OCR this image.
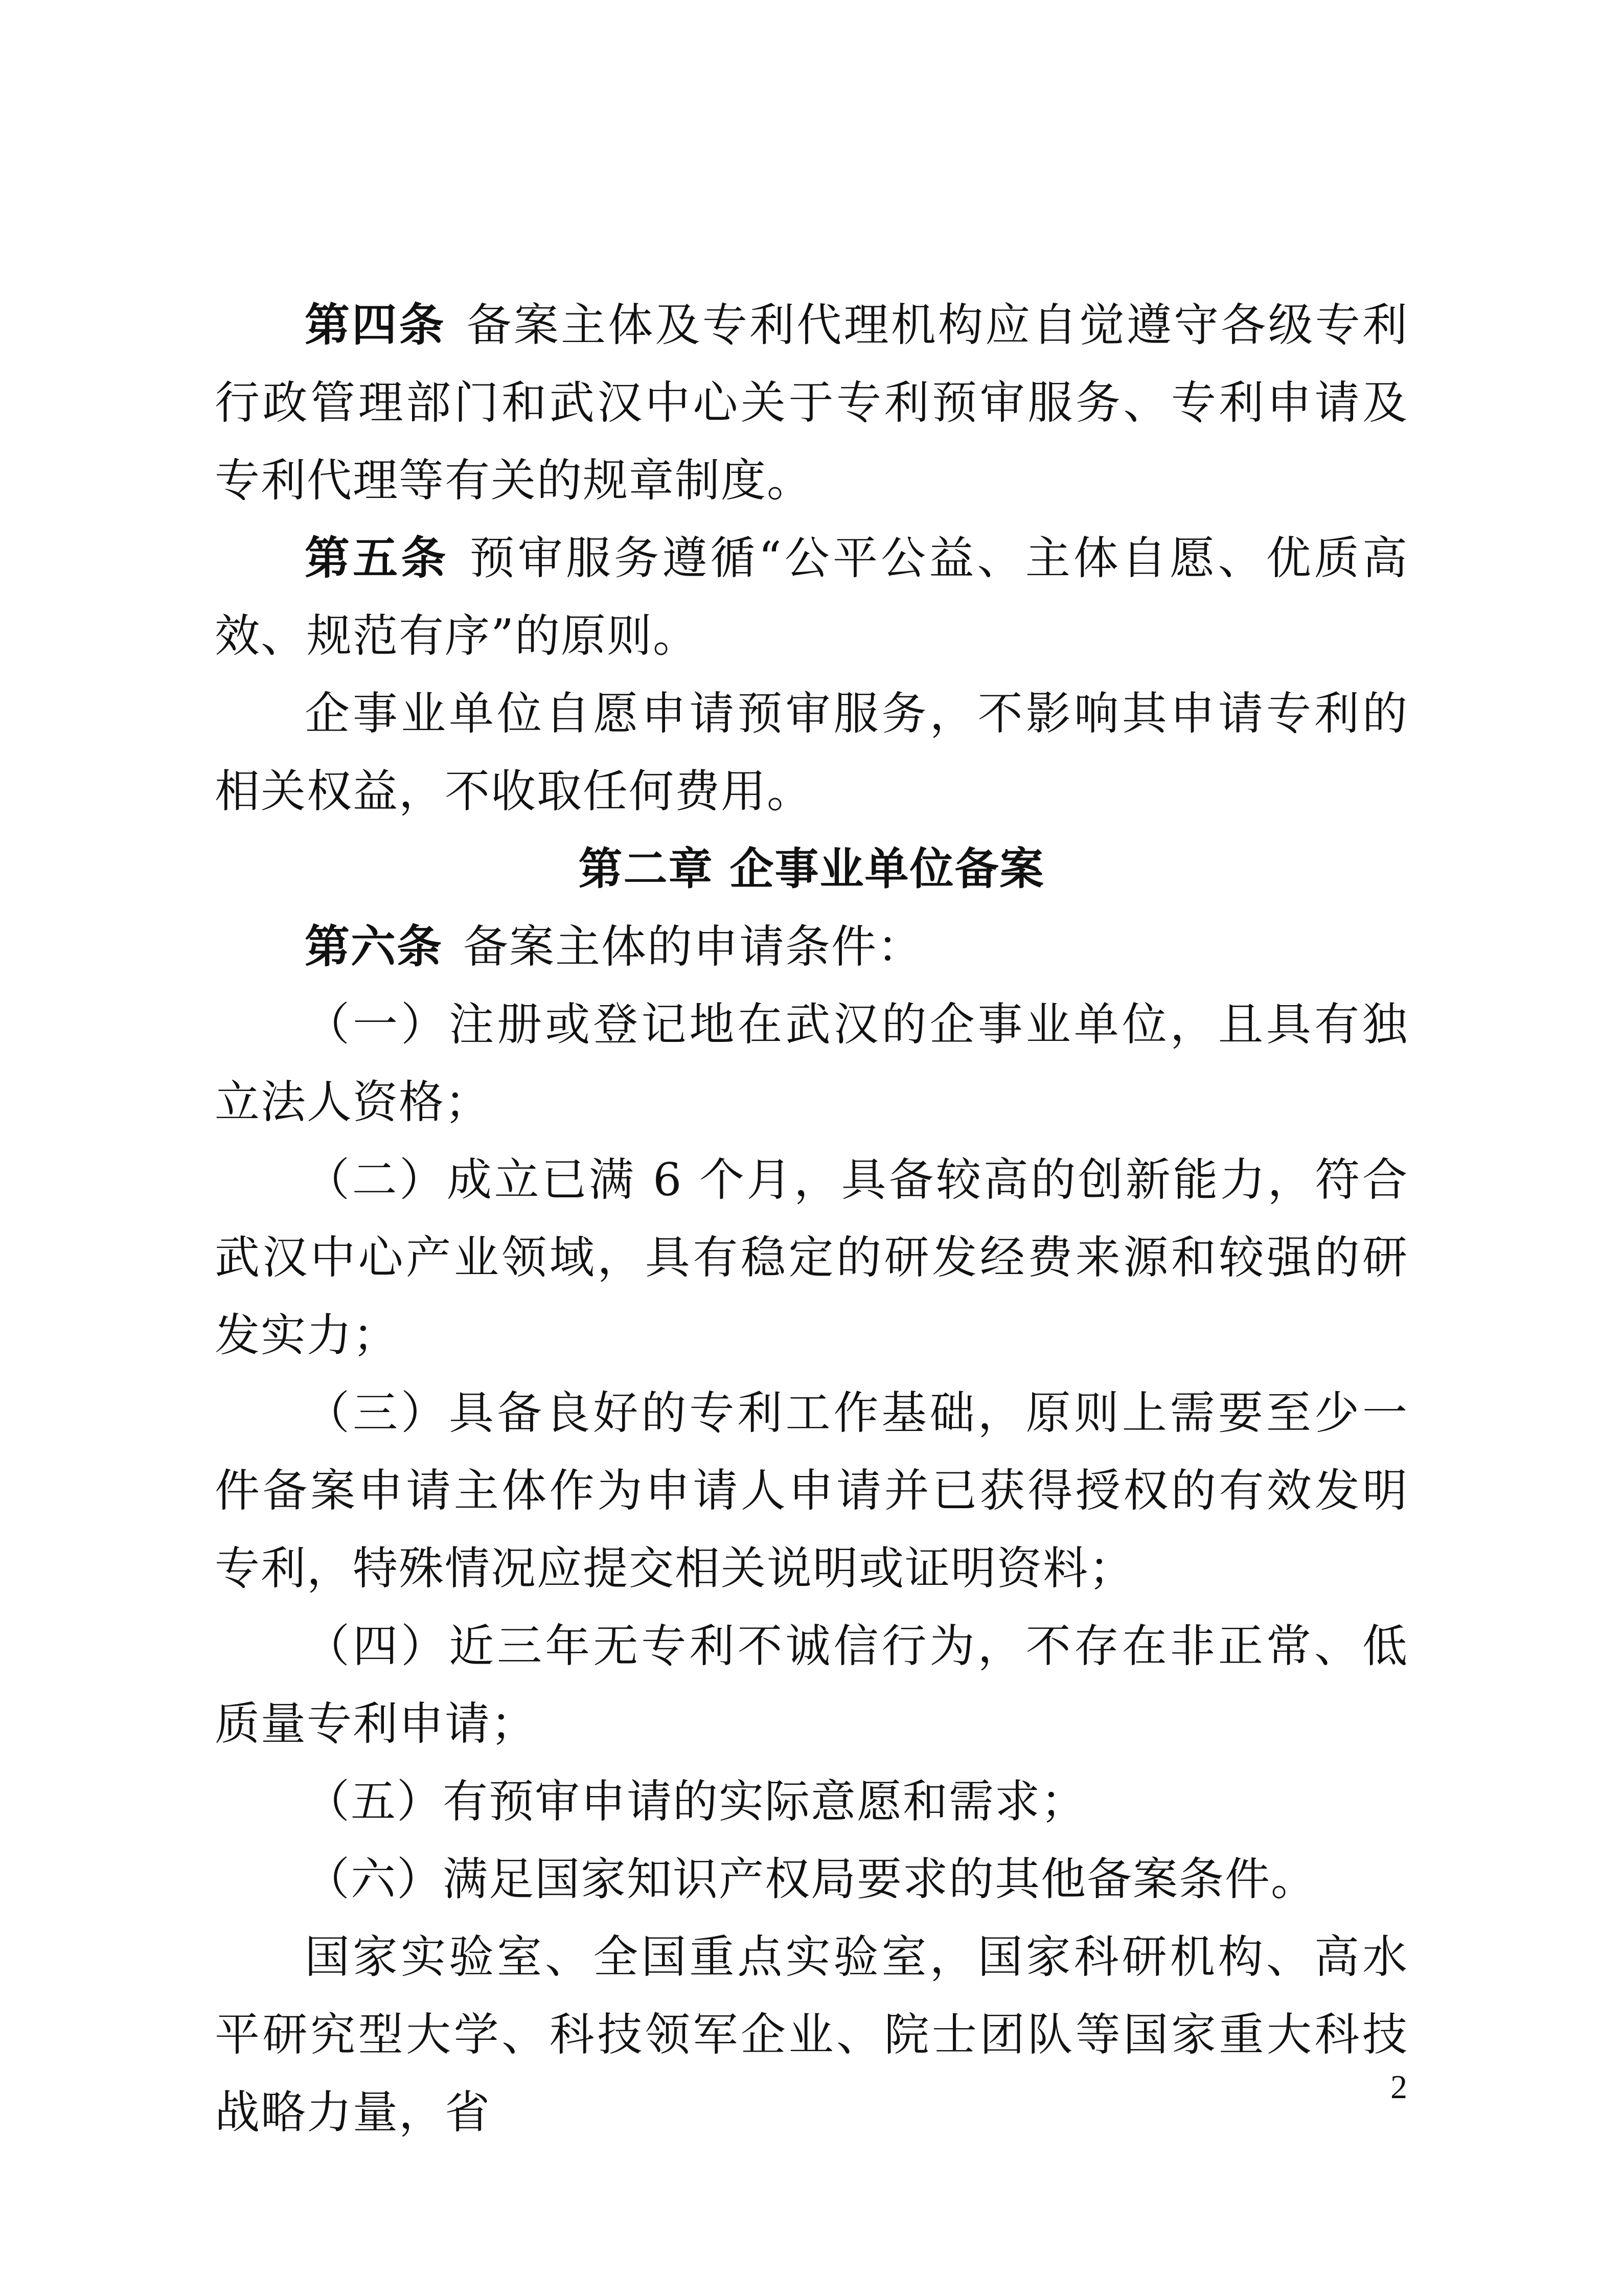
第四条 备案主体及专利代理机构应自觉遵守各级专利行政管理部门和武汉中心关于专利预审服务、专利申请及专利代理等有关的规章制度。

第五条 预审服务遵循“公平公益、主体自愿、优质高效、规范有序”的原则。

企事业单位自愿申请预审服务，不影响其申请专利的相关权益，不收取任何费用。

第二章 企事业单位备案

第六条 备案主体的申请条件：

（一）注册或登记地在武汉的企事业单位，且具有独立法人资格；

（二）成立已满 6 个月，具备较高的创新能力，符合武汉中心产业领域，具有稳定的研发经费来源和较强的研发实力；

（三）具备良好的专利工作基础，原则上需要至少一件备案申请主体作为申请人申请并已获得授权的有效发明专利，特殊情况应提交相关说明或证明资料；

（四）近三年无专利不诚信行为，不存在非正常、低质量专利申请；

（五）有预审申请的实际意愿和需求；

（六）满足国家知识产权局要求的其他备案条件。

国家实验室、全国重点实验室，国家科研机构、高水平研究型大学、科技领军企业、院士团队等国家重大科技战略力量，省	2
